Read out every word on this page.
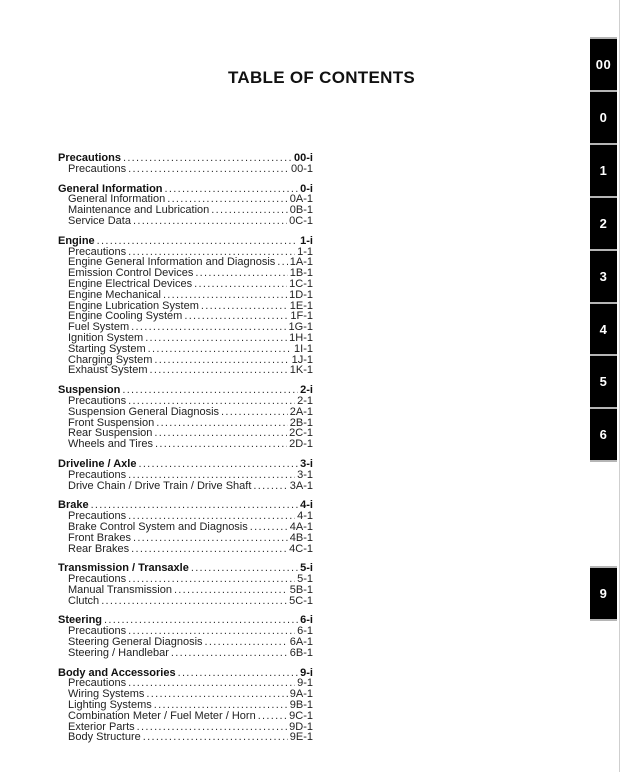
TABLE OF CONTENTS
Precautions .....	00-i
Precautions .....	00-1
General Information .....	0-i
General Information .....	0A-1
Maintenance and Lubrication .....	0B-1
Service Data .....	0C-1
Engine .....	1-i
Precautions .....	1-1
Engine General Information and Diagnosis ..... 1A-1
Emission Control Devices .....	1B-1
Engine Electrical Devices .....	1C-1
Engine Mechanical .....	1D-1
Engine Lubrication System .....	1E-1
Engine Cooling System .....	1F-1
Fuel System .....	1G-1
Ignition System .....	1H-1
Starting System .....	1I-1
Charging System .....	1J-1
Exhaust System .....	1K-1
Suspension .....	2-i
Precautions .....	2-1
Suspension General Diagnosis .....	2A-1
Front Suspension .....	2B-1
Rear Suspension .....	2C-1
Wheels and Tires .....	2D-1
Driveline / Axle .....	3-i
Precautions .....	3-1
Drive Chain / Drive Train / Drive Shaft .....	3A-1
Brake .....	4-i
Precautions .....	4-1
Brake Control System and Diagnosis .....	4A-1
Front Brakes .....	4B-1
Rear Brakes .....	4C-1
Transmission / Transaxle .....	5-i
Precautions .....	5-1
Manual Transmission .....	5B-1
Clutch .....	5C-1
Steering .....	6-i
Precautions .....	6-1
Steering General Diagnosis .....	6A-1
Steering / Handlebar .....	6B-1
Body and Accessories .....	9-i
Precautions .....	9-1
Wiring Systems .....	9A-1
Lighting Systems .....	9B-1
Combination Meter / Fuel Meter / Horn .....	9C-1
Exterior Parts .....	9D-1
Body Structure .....	9E-1
00
0
1
2
3
4
5
6
9
